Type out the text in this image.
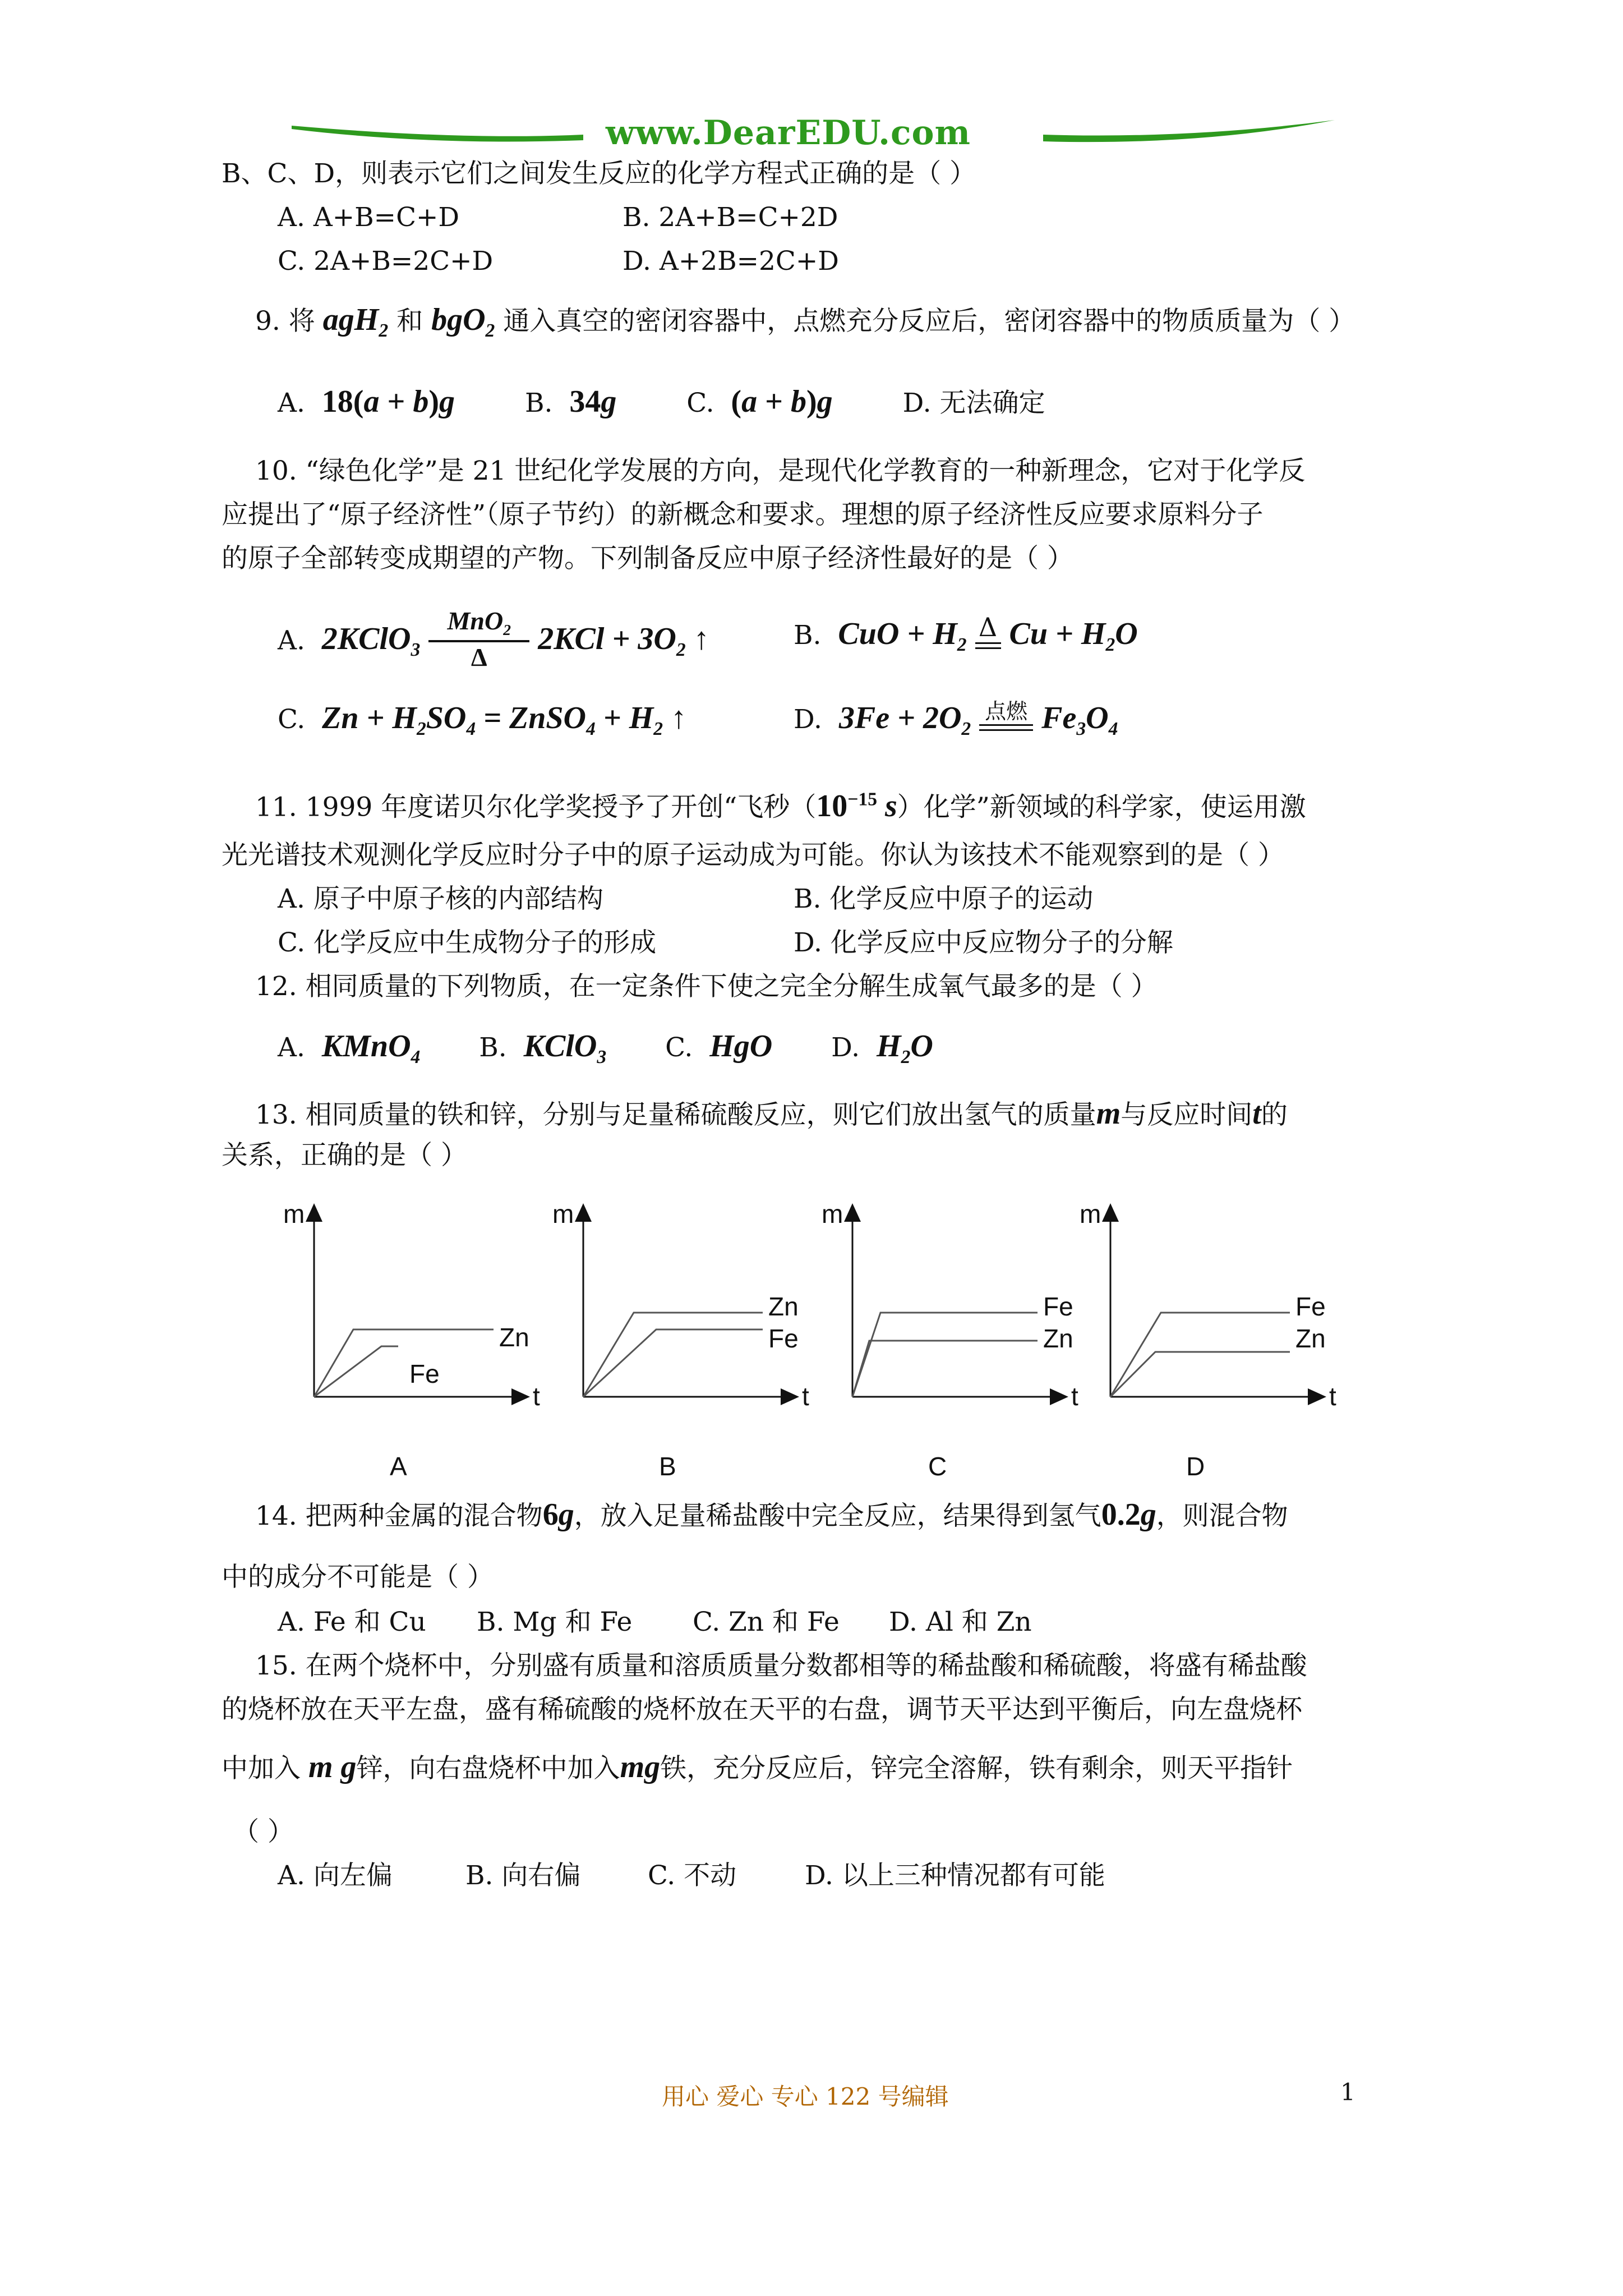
www.DearEDU.com
B、C、D，则表示它们之间发生反应的化学方程式正确的是（ ）
A. A+B=C+D	B. 2A+B=C+2D
C. 2A+B=2C+D	D. A+2B=2C+D
9. 将 agH$_2$ 和 bgO$_2$ 通入真空的密闭容器中，点燃充分反应后，密闭容器中的物质质量为（ ）
A. 18(a + b)g	B. 34g	C. (a + b)g	D. 无法确定
10. “绿色化学”是 21 世纪化学发展的方向，是现代化学教育的一种新理念，它对于化学反
应提出了“原子经济性”（原子节约）的新概念和要求。理想的原子经济性反应要求原料分子
的原子全部转变成期望的产物。下列制备反应中原子经济性最好的是（ ）
A. 2KClO$_3$
MnO$_2$
Δ
$2KCl + 3O_2$ ↑	B. CuO + $H_2$
Δ $Cu + H_2O$
C. $Zn + H_2SO_4$ = ZnSO$_4$ + $H_2$ ↑	D. $3Fe + 2O_2$
点燃 $Fe_3O_4$
11. 1999 年度诺贝尔化学奖授予了开创“飞秒（$10^{-15}$ s）化学”新领域的科学家，使运用激
光光谱技术观测化学反应时分子中的原子运动成为可能。你认为该技术不能观察到的是（ ）
A. 原子中原子核的内部结构	B. 化学反应中原子的运动
C. 化学反应中生成物分子的形成	D. 化学反应中反应物分子的分解
12. 相同质量的下列物质，在一定条件下使之完全分解生成氧气最多的是（ ）
A. KMnO$_4$ B. KClO$_3$ C. HgO D. $H_2O$
13. 相同质量的铁和锌，分别与足量稀硫酸反应，则它们放出氢气的质量m与反应时间t的
关系，正确的是（ ）
m
t
Zn
Fe
A
m
t
Zn
Fe
B
m
t
Fe
Zn
C
m
t
Fe
Zn
D
14. 把两种金属的混合物6g，放入足量稀盐酸中完全反应，结果得到氢气0.2g，则混合物
中的成分不可能是（ ）
A. Fe 和 Cu B. Mg 和 Fe C. Zn 和 Fe D. Al 和 Zn
15. 在两个烧杯中，分别盛有质量和溶质质量分数都相等的稀盐酸和稀硫酸，将盛有稀盐酸
的烧杯放在天平左盘，盛有稀硫酸的烧杯放在天平的右盘，调节天平达到平衡后，向左盘烧杯
中加入 m g锌，向右盘烧杯中加入mg铁，充分反应后，锌完全溶解，铁有剩余，则天平指针
（ ）
A. 向左偏	B. 向右偏	C. 不动	D. 以上三种情况都有可能
用心 爱心 专心 122 号编辑	1
